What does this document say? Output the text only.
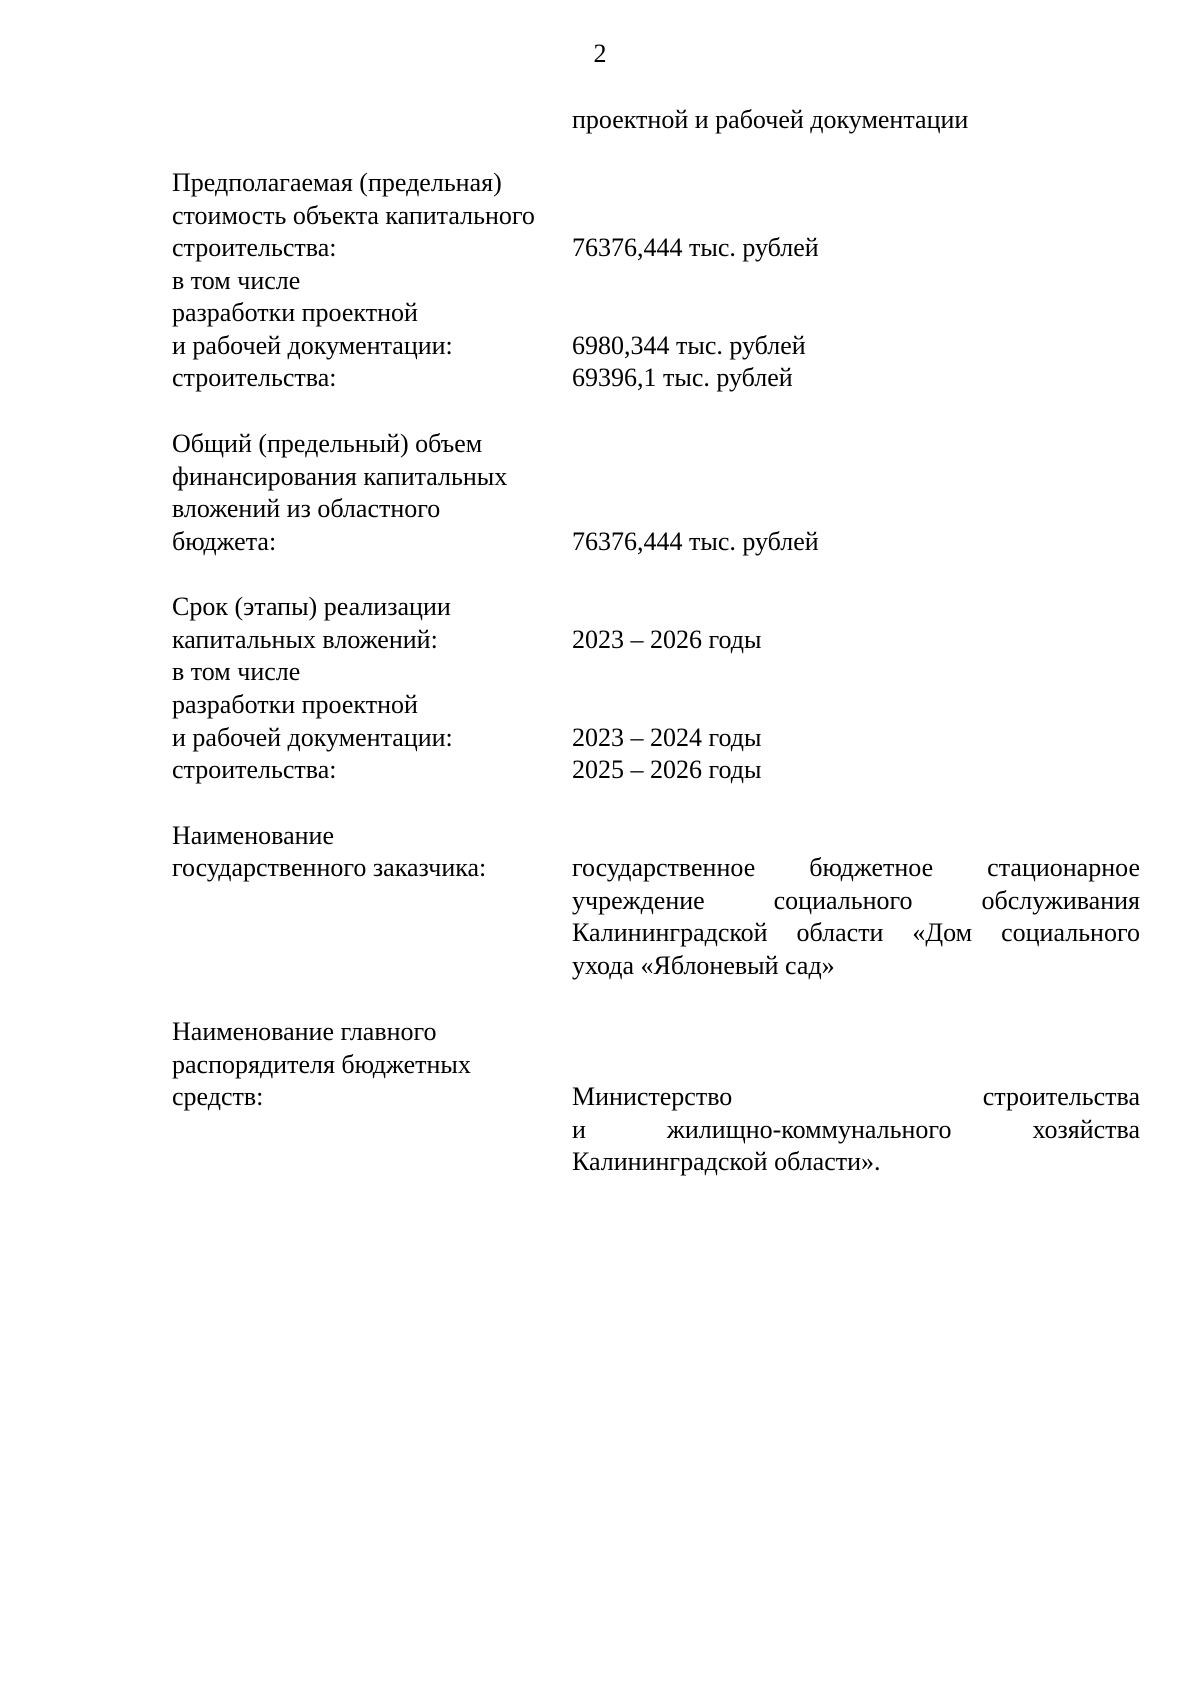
2
проектной и рабочей документации
Предполагаемая (предельная)
стоимость объекта капитального
строительства:	76376,444 тыс. рублей
в том числе
разработки проектной
и рабочей документации:	6980,344 тыс. рублей
строительства:	69396,1 тыс. рублей
Общий (предельный) объем
финансирования капитальных
вложений из областного
бюджета:	76376,444 тыс. рублей
Срок (этапы) реализации
капитальных вложений:	2023 – 2026 годы
в том числе
разработки проектной
и рабочей документации:	2023 – 2024 годы
строительства:	2025 – 2026 годы
Наименование
государственного заказчика:	государственное бюджетное стационарное
учреждение социального обслуживания
Калининградской области «Дом социального
ухода «Яблоневый сад»
Наименование главного
распорядителя бюджетных
средств:	Министерство строительства
и жилищно-коммунального хозяйства
Калининградской области».
